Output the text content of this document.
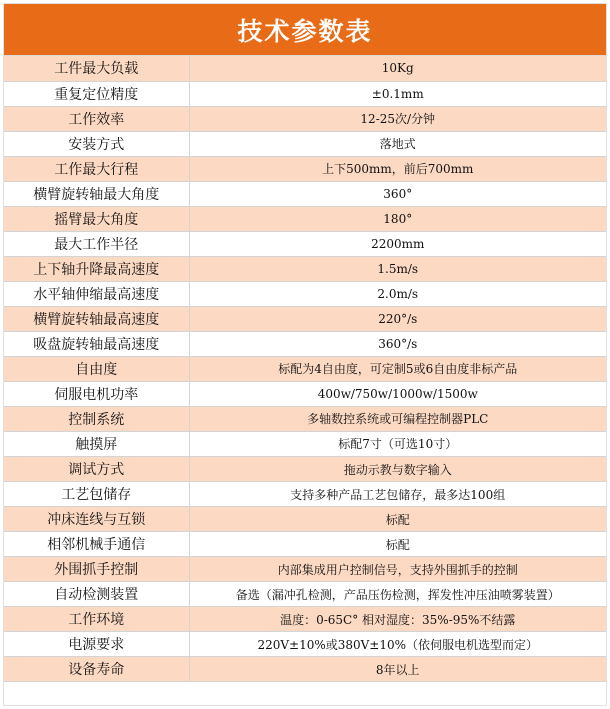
技术参数表
工件最大负载	10Kg
重复定位精度	±0.1mm
工作效率	12-25次/分钟
安装方式	落地式
工作最大行程	上下500mm，前后700mm
横臂旋转轴最大角度	360°
摇臂最大角度	180°
最大工作半径	2200mm
上下轴升降最高速度	1.5m/s
水平轴伸缩最高速度	2.0m/s
横臂旋转轴最高速度	220°/s
吸盘旋转轴最高速度	360°/s
自由度	标配为4自由度，可定制5或6自由度非标产品
伺服电机功率	400w/750w/1000w/1500w
控制系统	多轴数控系统或可编程控制器PLC
触摸屏	标配7寸（可选10寸）
调试方式	拖动示教与数字输入
工艺包储存	支持多种产品工艺包储存，最多达100组
冲床连线与互锁	标配
相邻机械手通信	标配
外围抓手控制	内部集成用户控制信号，支持外围抓手的控制
自动检测装置	备选（漏冲孔检测，产品压伤检测，挥发性冲压油喷雾装置）
工作环境	温度：0-65C° 相对湿度：35%-95%不结露
电源要求	220V±10%或380V±10%（依伺服电机选型而定）
设备寿命	8年以上
